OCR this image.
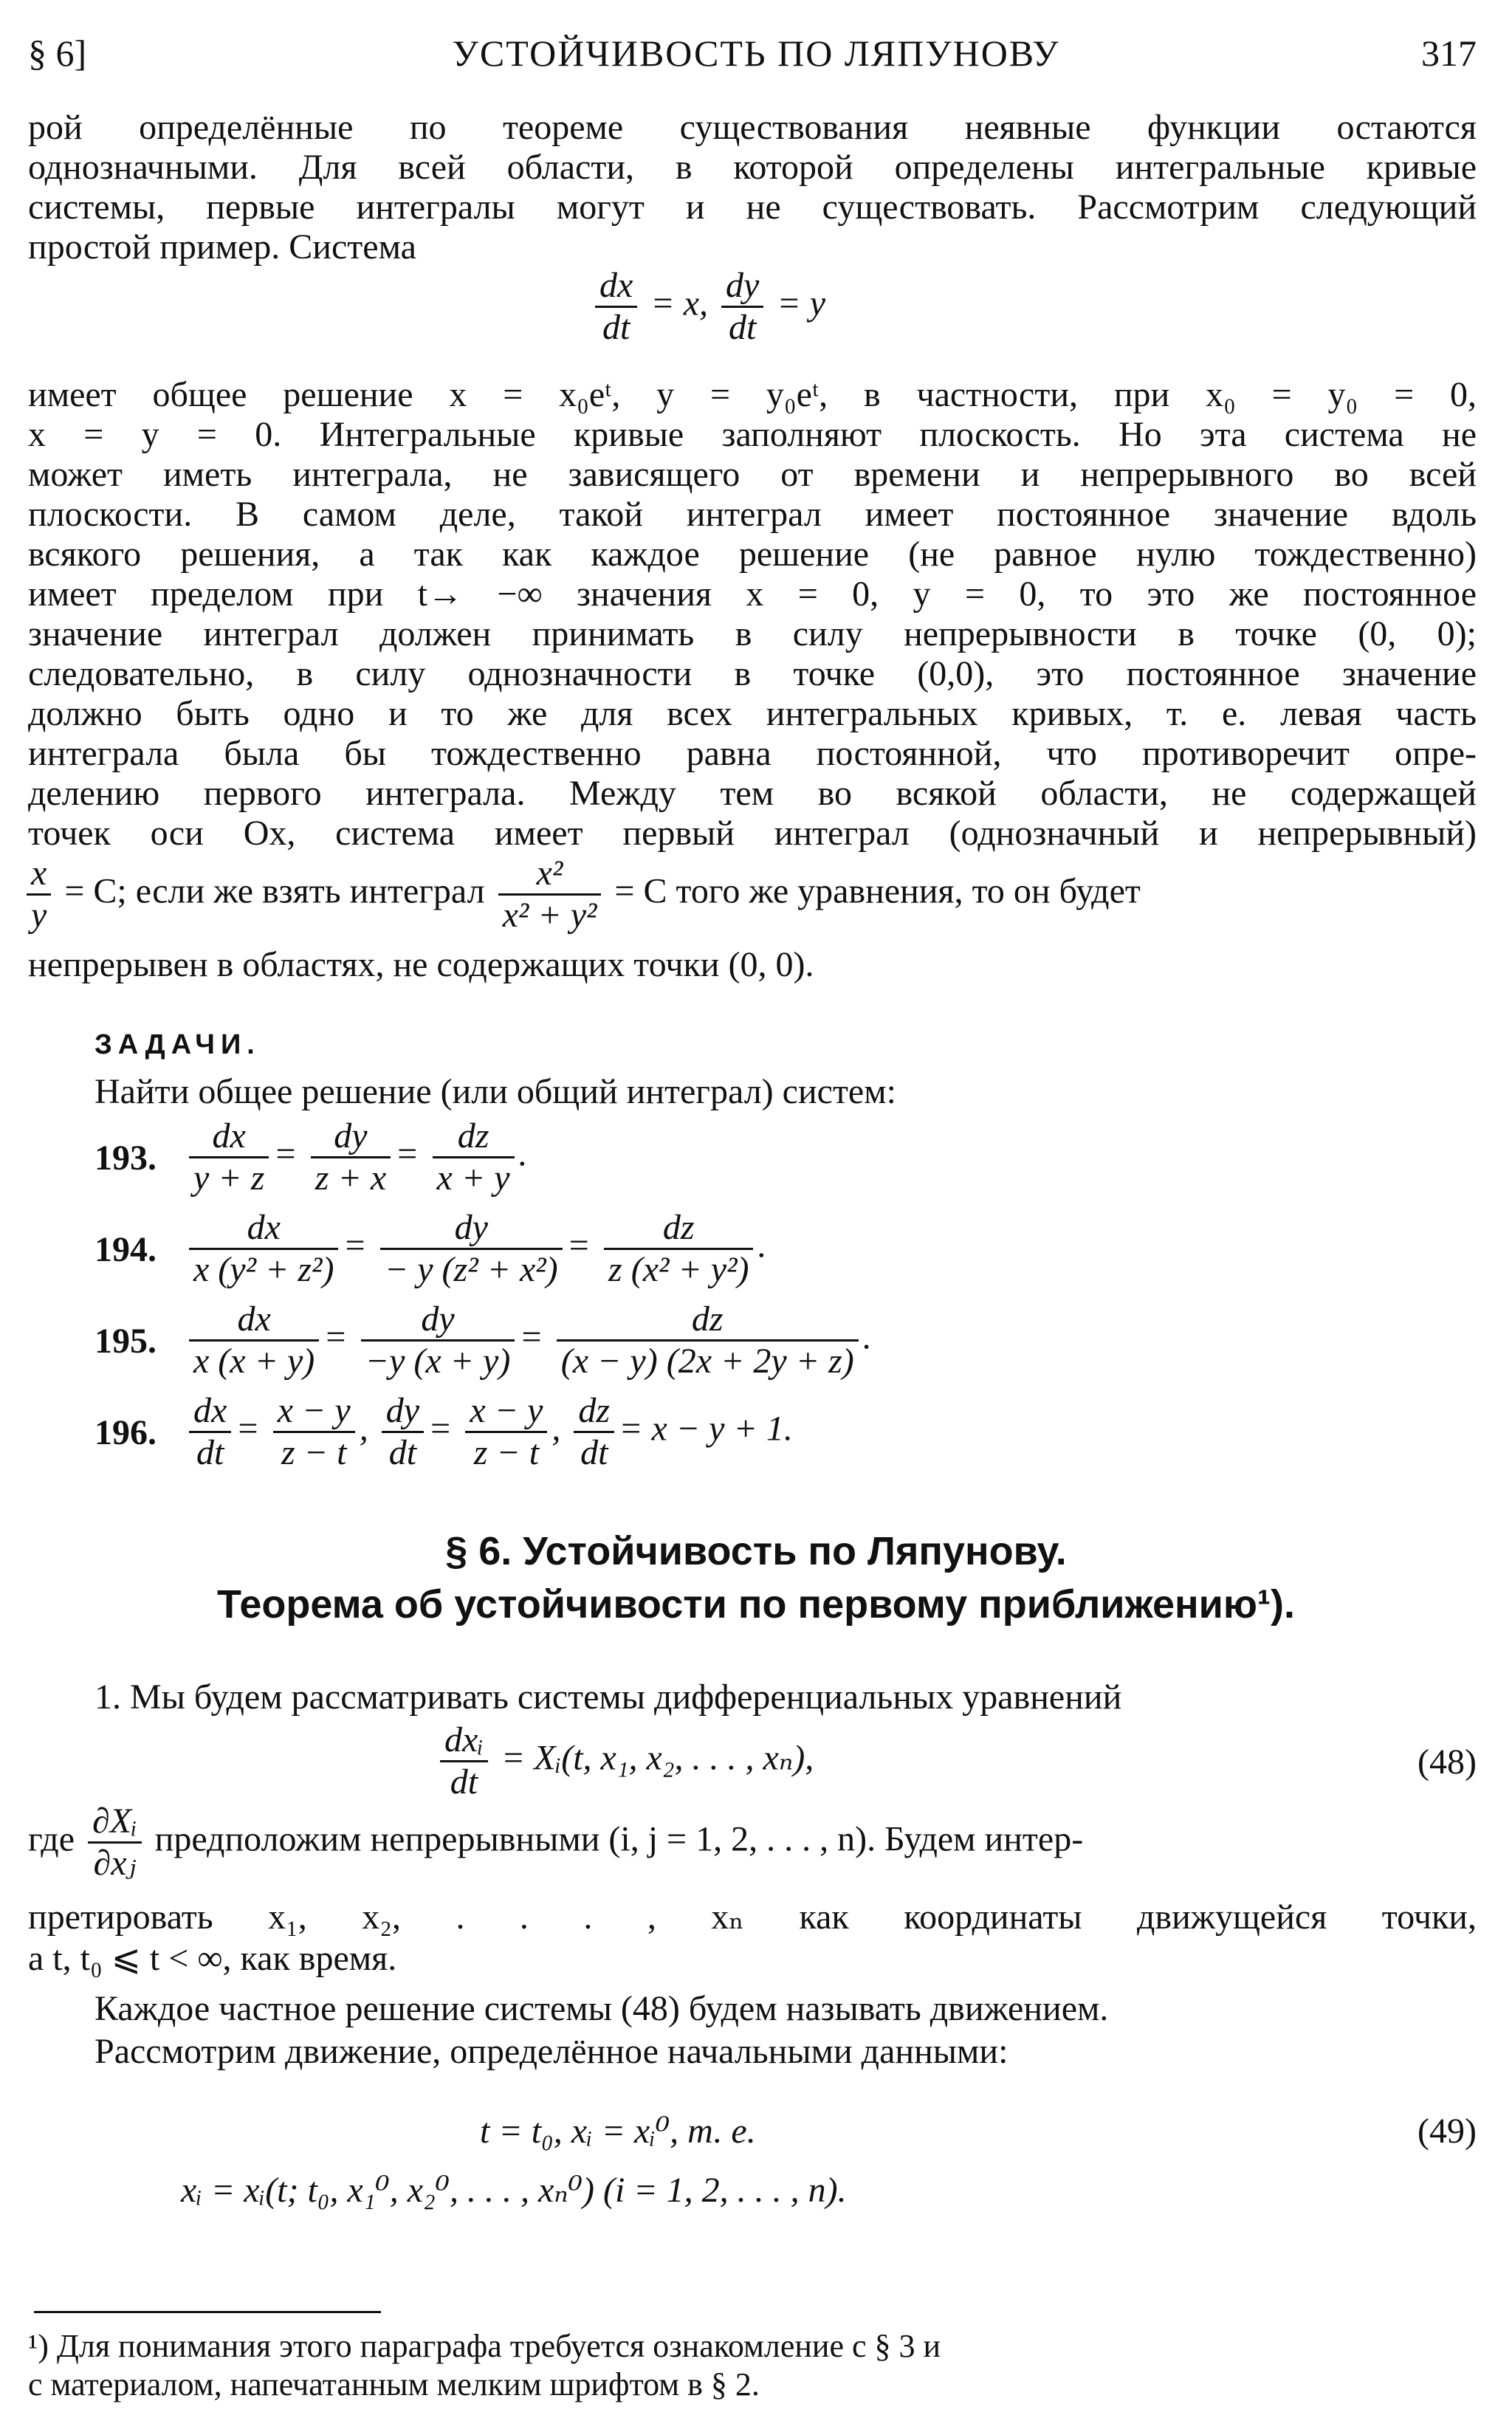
§ 6]	УСТОЙЧИВОСТЬ ПО ЛЯПУНОВУ	317
рой определённые по теореме существования неявные функции остаются
однозначными. Для всей области, в которой определены интегральные кривые
системы, первые интегралы могут и не существовать. Рассмотрим следующий
простой пример. Система
$\frac{dx}{dt} = x$, $\frac{dy}{dt} = y$
имеет общее решение x = x₀eᵗ, y = y₀eᵗ, в частности, при x₀ = y₀ = 0,
x = y = 0. Интегральные кривые заполняют плоскость. Но эта система не
может иметь интеграла, не зависящего от времени и непрерывного во всей
плоскости. В самом деле, такой интеграл имеет постоянное значение вдоль
всякого решения, а так как каждое решение (не равное нулю тождественно)
имеет пределом при t→ −∞ значения x = 0, y = 0, то это же постоянное
значение интеграл должен принимать в силу непрерывности в точке (0, 0);
следовательно, в силу однозначности в точке (0,0), это постоянное значение
должно быть одно и то же для всех интегральных кривых, т. е. левая часть
интеграла была бы тождественно равна постоянной, что противоречит опре-
делению первого интеграла. Между тем во всякой области, не содержащей
точек оси Ox, система имеет первый интеграл (однозначный и непрерывный)
$\frac{x}{y} = C$; если же взять интеграл $\frac{\text{x²}}{\text{x² + y²}} = C$ того же уравнения, то он будет
непрерывен в областях, не содержащих точки (0, 0).
ЗАДАЧИ.
Найти общее решение (или общий интеграл) систем:
193. $\frac{dx}{y + z} = \frac{dy}{z + x} = \frac{dz}{x + y}$ .
194. $\frac{dx}{\text{x (y² + z²)}} = \frac{dy}{\text{− y (z² + x²)}} = \frac{dz}{\text{z (x² + y²)}}$ .
195. $\frac{dx}{x (x + y)} = \frac{dy}{-y (x + y)} = \frac{dz}{(x - y) (2x + 2y + z)}$ .
196. $\frac{dx}{dt} = \frac{x - y}{z - t}$ , $\frac{dy}{dt} = \frac{x - y}{z - t}$ , $\frac{dz}{dt} = x - y + 1$.
§ 6. Устойчивость по Ляпунову.
Теорема об устойчивости по первому приближению¹).
1. Мы будем рассматривать системы дифференциальных уравнений
$\frac{\text{dxᵢ}}{dt}$ = Xᵢ(t, x₁, x₂, . . . , xₙ),	(48)
где $\frac{\text{∂Xᵢ}}{\text{∂xⱼ}}$ предположим непрерывными (i, j = 1, 2, . . . , n). Будем интер-
претировать x₁, x₂, . . . , xₙ как координаты движущейся точки,
а t, t₀ ⩽ t < ∞, как время.
Каждое частное решение системы (48) будем называть движением.
Рассмотрим движение, определённое начальными данными:
t = t₀, xᵢ = xᵢ⁰, т. е.	(49)
xᵢ = xᵢ(t; t₀, x₁⁰, x₂⁰, . . . , xₙ⁰) (i = 1, 2, . . . , n).
¹) Для понимания этого параграфа требуется ознакомление с § 3 и
с материалом, напечатанным мелким шрифтом в § 2.
